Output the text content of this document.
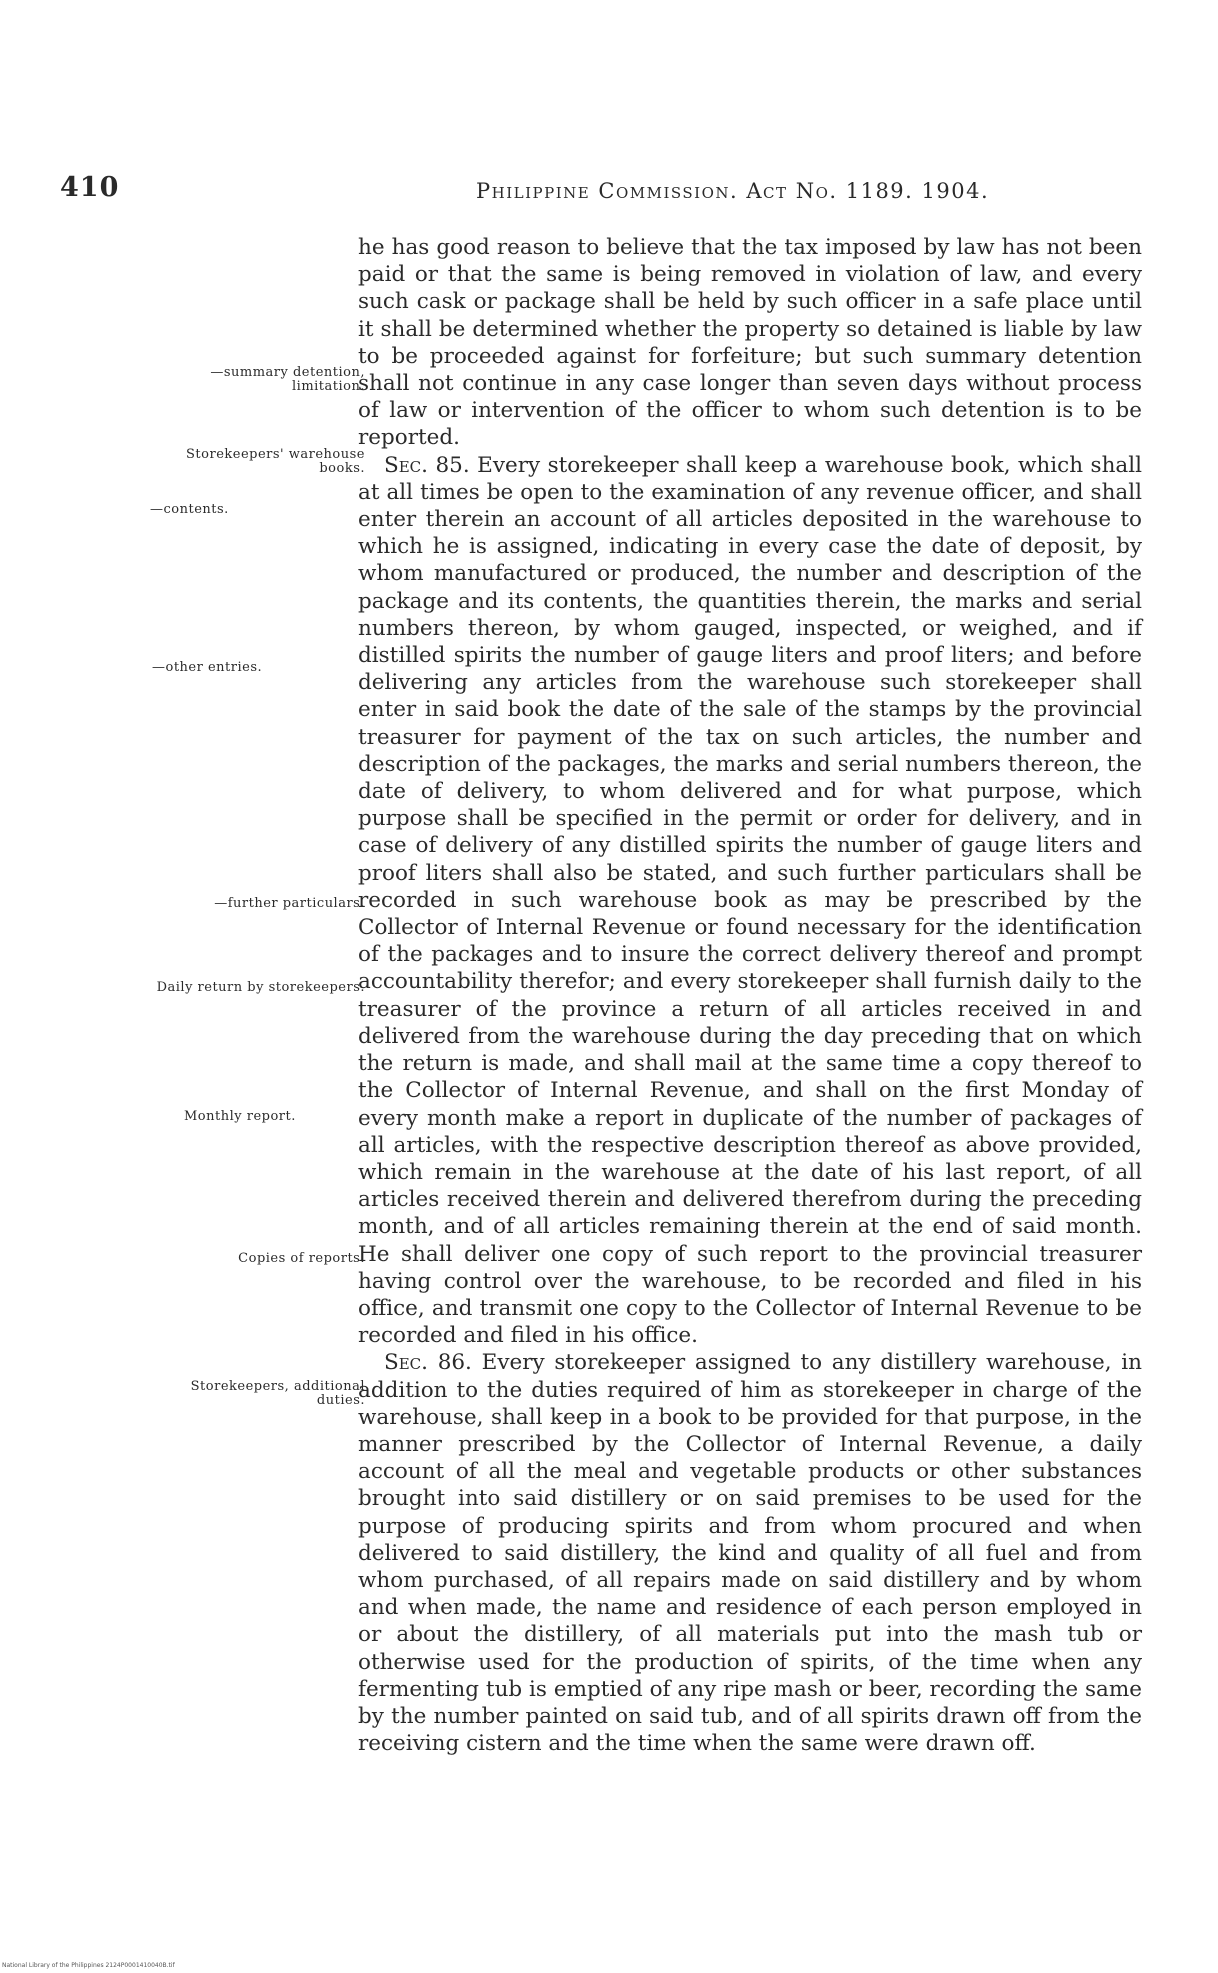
410	Philippine Commission. Act No. 1189. 1904.
—summary detention, limitation.
Storekeepers' warehouse books.
—contents.
—other entries.
—further particulars.
Daily return by storekeepers.
Monthly report.
Copies of reports.
Storekeepers, additional duties.

he has good reason to believe that the tax imposed by law has not been paid or that the same is being removed in violation of law, and every such cask or package shall be held by such officer in a safe place until it shall be determined whether the property so detained is liable by law to be proceeded against for forfeiture; but such summary detention shall not continue in any case longer than seven days without process of law or intervention of the officer to whom such detention is to be reported.

Sec. 85. Every storekeeper shall keep a warehouse book, which shall at all times be open to the examination of any revenue officer, and shall enter therein an account of all articles deposited in the warehouse to which he is assigned, indicating in every case the date of deposit, by whom manufactured or produced, the number and description of the package and its contents, the quantities therein, the marks and serial numbers thereon, by whom gauged, inspected, or weighed, and if distilled spirits the number of gauge liters and proof liters; and before delivering any articles from the warehouse such storekeeper shall enter in said book the date of the sale of the stamps by the provincial treasurer for payment of the tax on such articles, the number and description of the packages, the marks and serial numbers thereon, the date of delivery, to whom delivered and for what purpose, which purpose shall be specified in the permit or order for delivery, and in case of delivery of any distilled spirits the number of gauge liters and proof liters shall also be stated, and such further particulars shall be recorded in such warehouse book as may be prescribed by the Collector of Internal Revenue or found necessary for the identification of the packages and to insure the correct delivery thereof and prompt accountability therefor; and every storekeeper shall furnish daily to the treasurer of the province a return of all articles received in and delivered from the warehouse during the day preceding that on which the return is made, and shall mail at the same time a copy thereof to the Collector of Internal Revenue, and shall on the first Monday of every month make a report in duplicate of the number of packages of all articles, with the respective description thereof as above provided, which remain in the warehouse at the date of his last report, of all articles received therein and delivered therefrom during the preceding month, and of all articles remaining therein at the end of said month. He shall deliver one copy of such report to the provincial treasurer having control over the warehouse, to be recorded and filed in his office, and transmit one copy to the Collector of Internal Revenue to be recorded and filed in his office.

Sec. 86. Every storekeeper assigned to any distillery warehouse, in addition to the duties required of him as storekeeper in charge of the warehouse, shall keep in a book to be provided for that purpose, in the manner prescribed by the Collector of Internal Revenue, a daily account of all the meal and vegetable products or other substances brought into said distillery or on said premises to be used for the purpose of producing spirits and from whom procured and when delivered to said distillery, the kind and quality of all fuel and from whom purchased, of all repairs made on said distillery and by whom and when made, the name and residence of each person employed in or about the distillery, of all materials put into the mash tub or otherwise used for the production of spirits, of the time when any fermenting tub is emptied of any ripe mash or beer, recording the same by the number painted on said tub, and of all spirits drawn off from the receiving cistern and the time when the same were drawn off.

National Library of the Philippines 2124P0001410040B.tif
